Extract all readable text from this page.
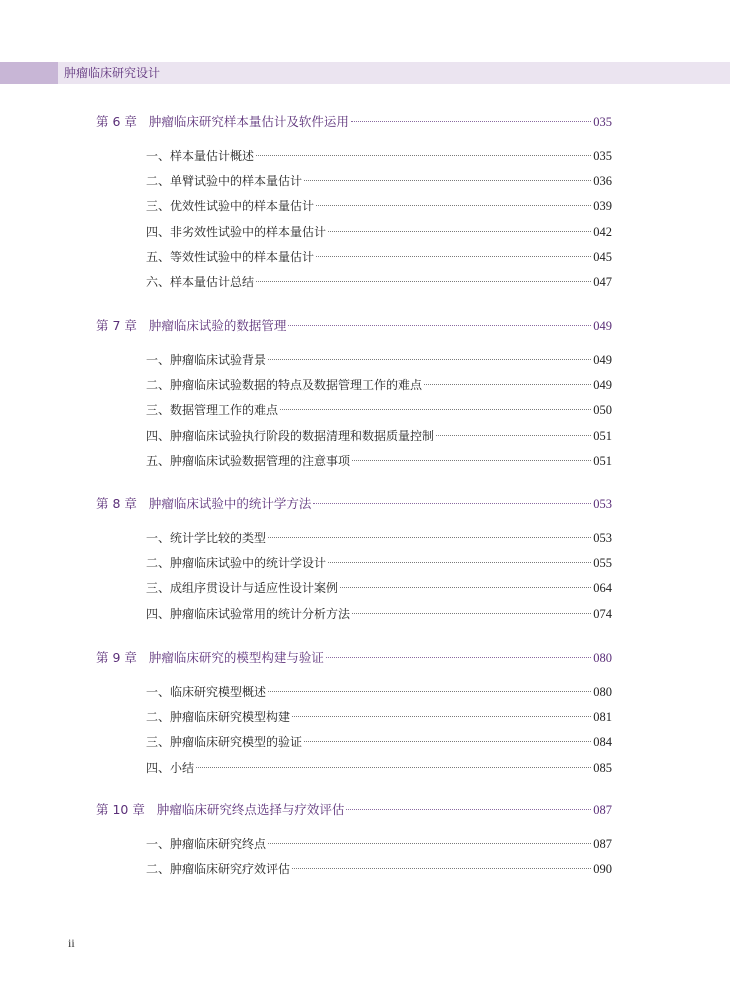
肿瘤临床研究设计
第 6 章 肿瘤临床研究样本量估计及软件运用	035
一、样本量估计概述	035
二、单臂试验中的样本量估计	036
三、优效性试验中的样本量估计	039
四、非劣效性试验中的样本量估计	042
五、等效性试验中的样本量估计	045
六、样本量估计总结	047
第 7 章 肿瘤临床试验的数据管理	049
一、肿瘤临床试验背景	049
二、肿瘤临床试验数据的特点及数据管理工作的难点	049
三、数据管理工作的难点	050
四、肿瘤临床试验执行阶段的数据清理和数据质量控制	051
五、肿瘤临床试验数据管理的注意事项	051
第 8 章 肿瘤临床试验中的统计学方法	053
一、统计学比较的类型	053
二、肿瘤临床试验中的统计学设计	055
三、成组序贯设计与适应性设计案例	064
四、肿瘤临床试验常用的统计分析方法	074
第 9 章 肿瘤临床研究的模型构建与验证	080
一、临床研究模型概述	080
二、肿瘤临床研究模型构建	081
三、肿瘤临床研究模型的验证	084
四、小结	085
第 10 章 肿瘤临床研究终点选择与疗效评估	087
一、肿瘤临床研究终点	087
二、肿瘤临床研究疗效评估	090
ii
